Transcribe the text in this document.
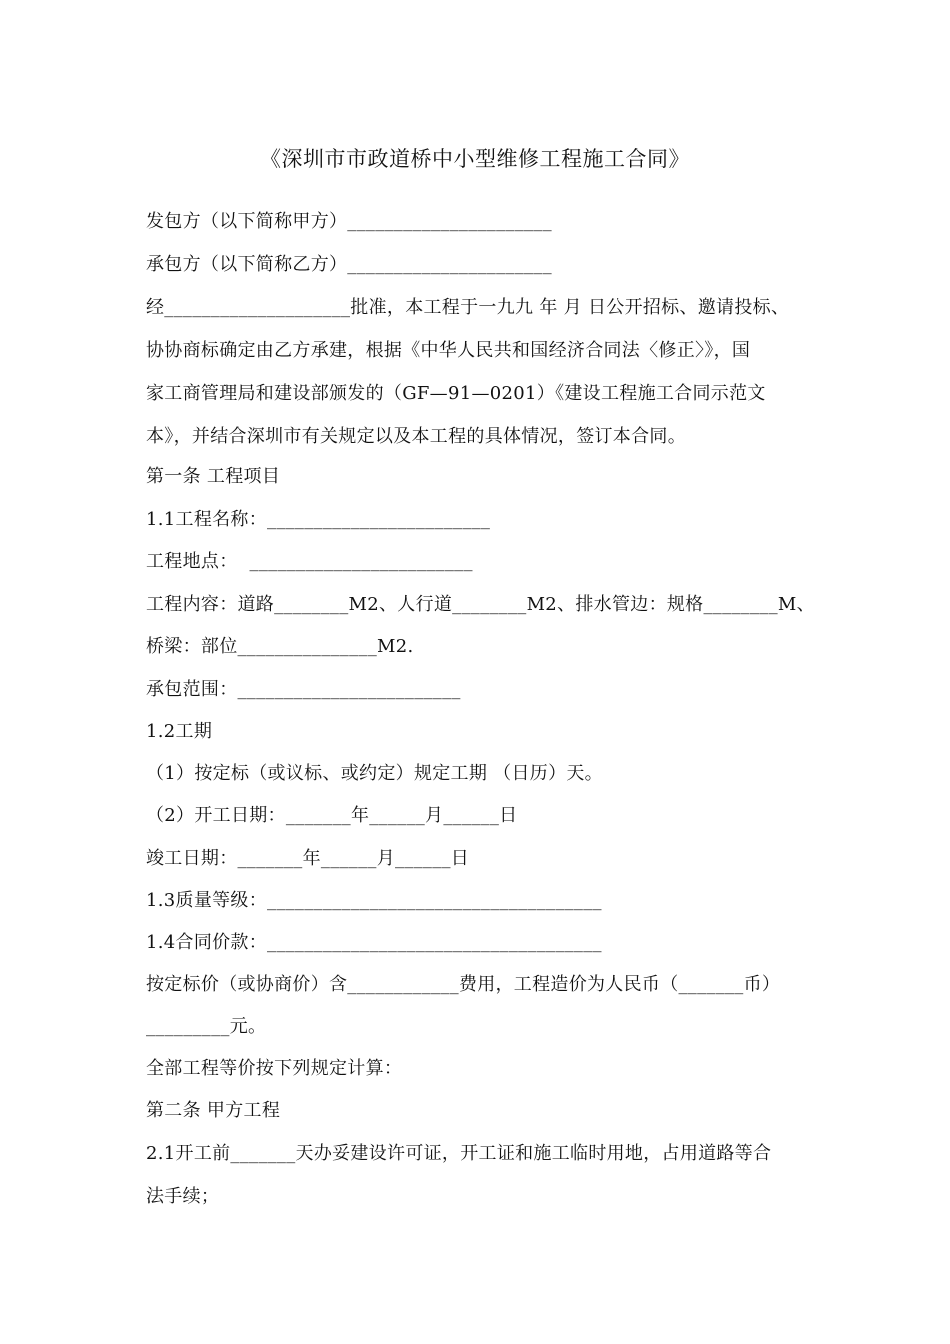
《深圳市市政道桥中小型维修工程施工合同》
发包方（以下简称甲方）______________________
承包方（以下简称乙方）______________________
经____________________批准，本工程于一九九 年 月 日公开招标、邀请投标、
协协商标确定由乙方承建，根据《中华人民共和国经济合同法〈修正〉》，国
家工商管理局和建设部颁发的（GF—91—0201）《建设工程施工合同示范文
本》，并结合深圳市有关规定以及本工程的具体情况，签订本合同。
第一条 工程项目
1.1工程名称：________________________
工程地点：  ________________________
工程内容：道路________M2、人行道________M2、排水管边：规格________M、
桥梁：部位_______________M2.
承包范围：________________________
1.2工期
（1）按定标（或议标、或约定）规定工期 （日历）天。
（2）开工日期：_______年______月______日
竣工日期：_______年______月______日
1.3质量等级：____________________________________
1.4合同价款：____________________________________
按定标价（或协商价）含____________费用，工程造价为人民币（_______币）
_________元。
全部工程等价按下列规定计算：
第二条 甲方工程
2.1开工前_______天办妥建设许可证，开工证和施工临时用地，占用道路等合
法手续；
